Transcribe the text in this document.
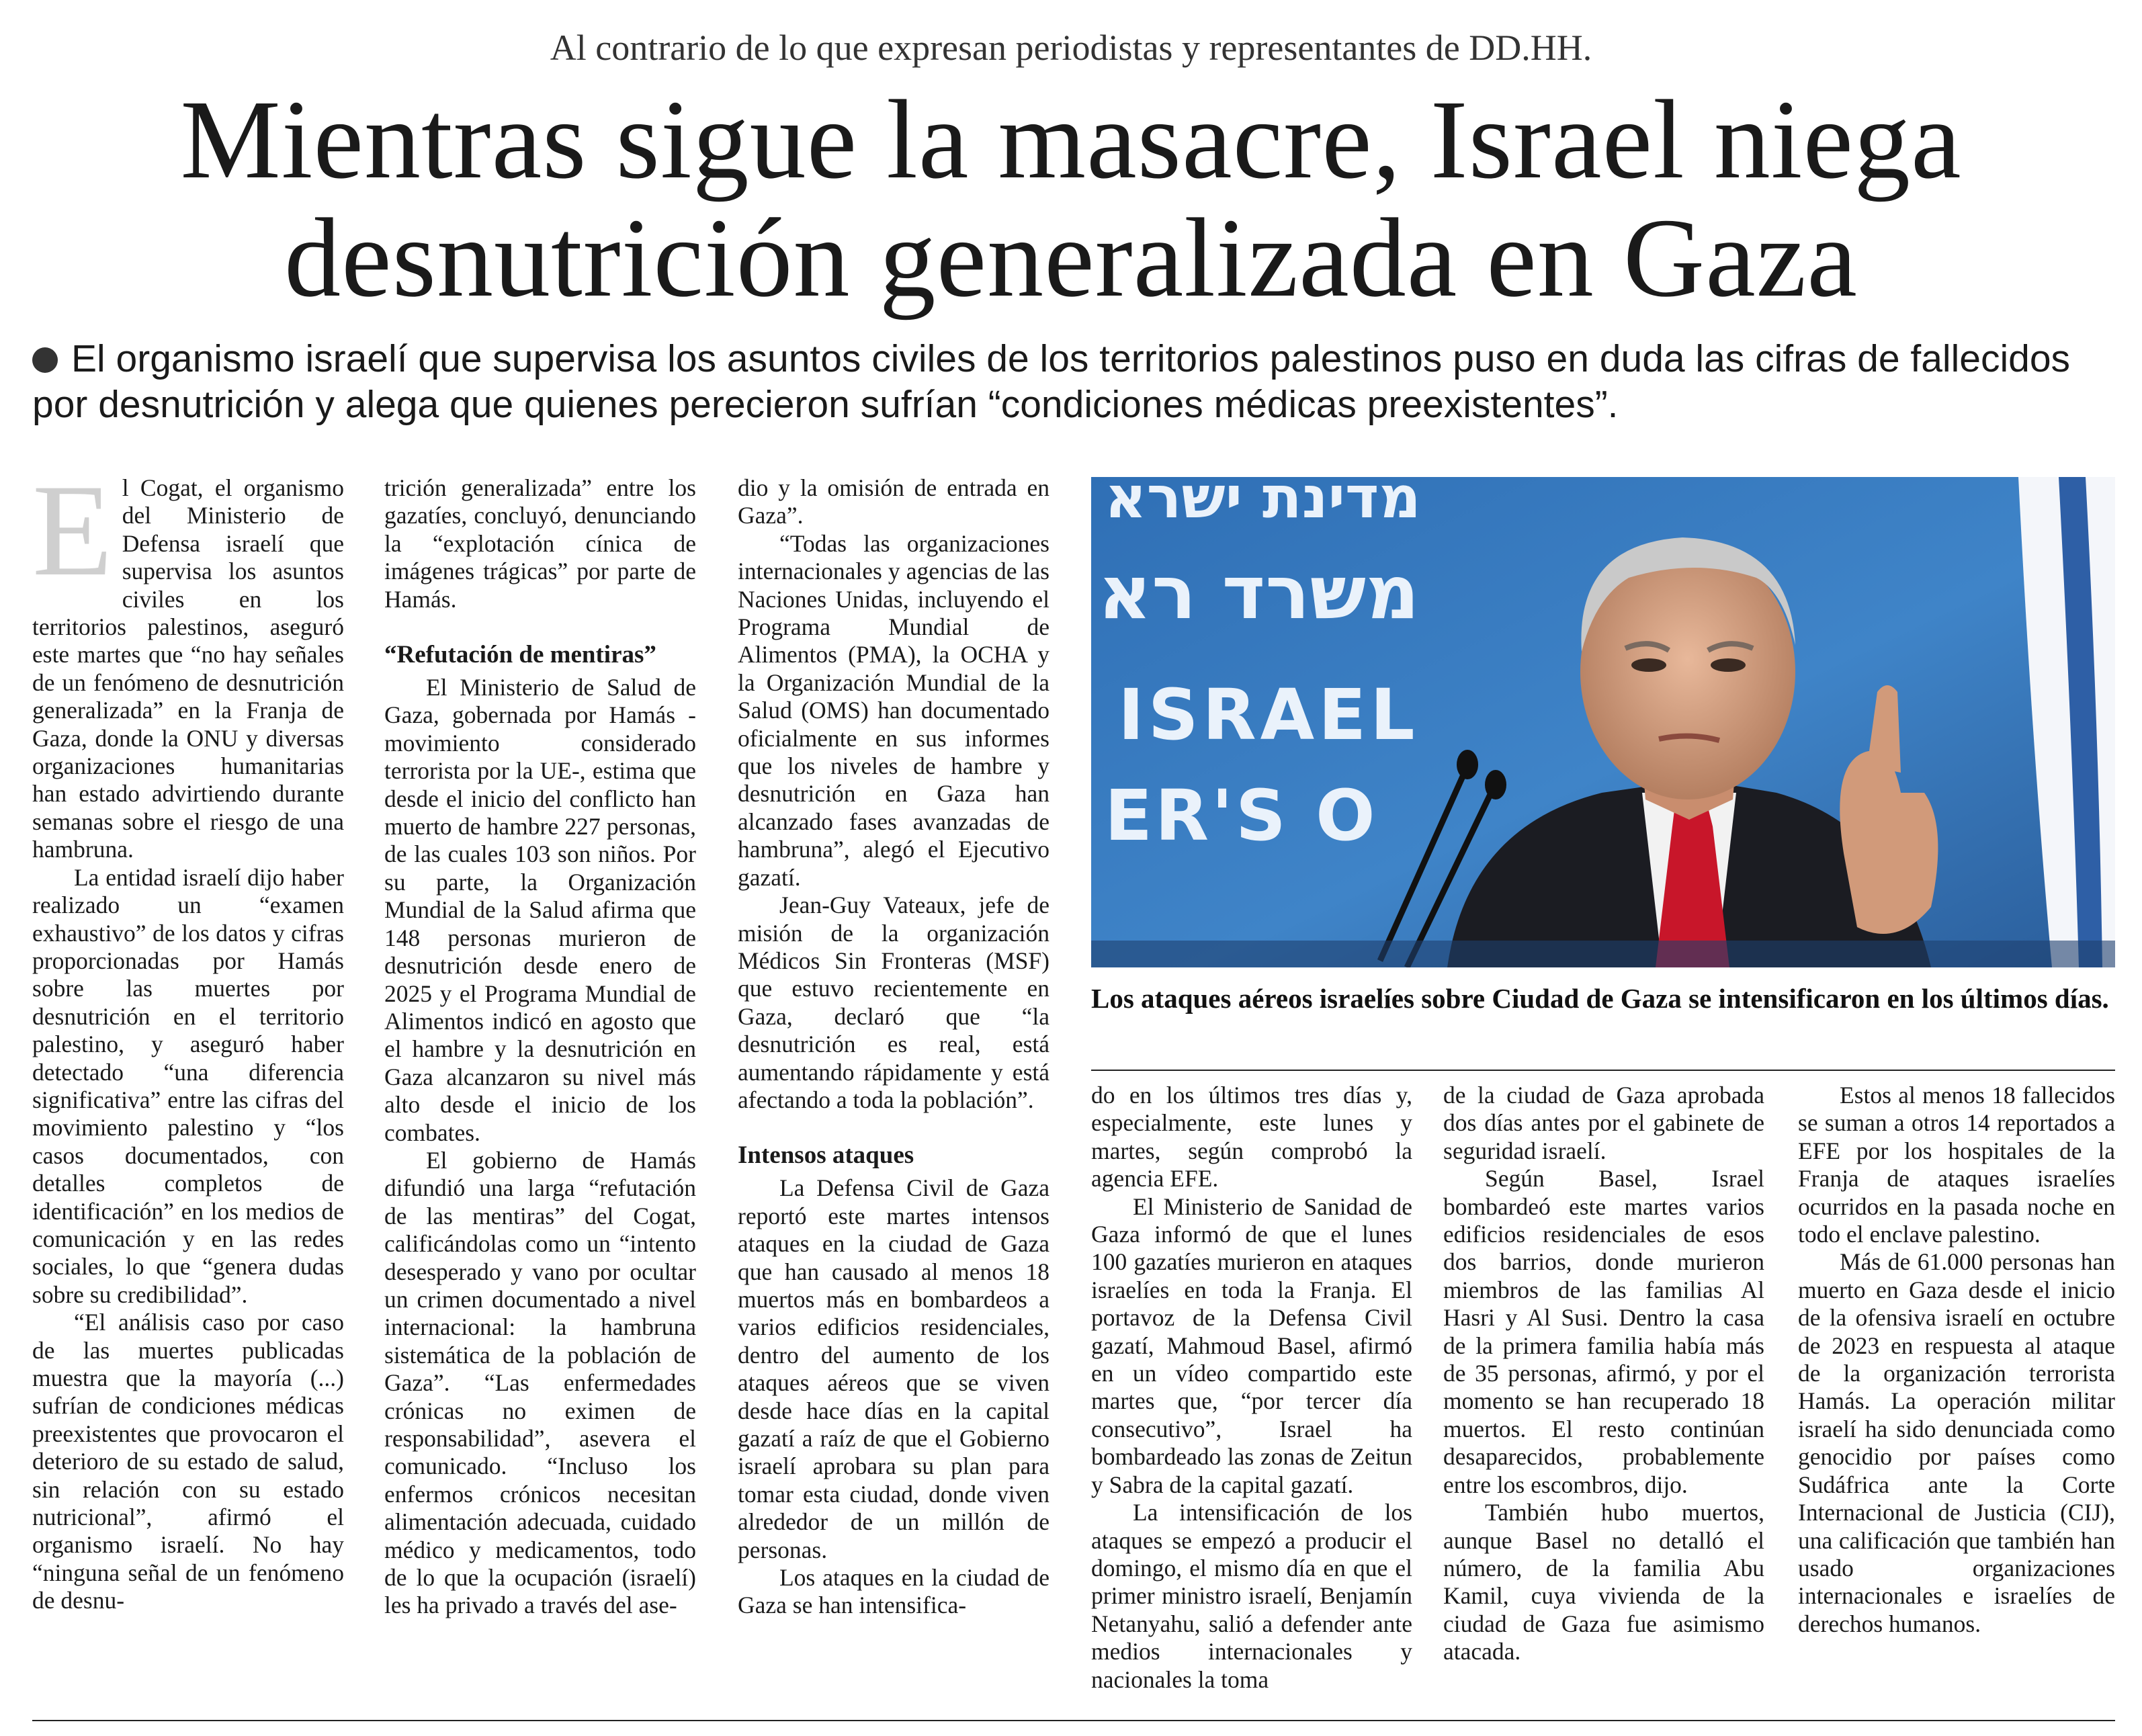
Al contrario de lo que expresan periodistas y representantes de DD.HH.
Mientras sigue la masacre, Israel niega
desnutrición generalizada en Gaza
El organismo israelí que supervisa los asuntos civiles de los territorios palestinos puso en duda las cifras de fallecidos por desnutrición y alega que quienes perecieron sufrían “condiciones médicas preexistentes”.

El Cogat, el organismo del Ministerio de Defensa israelí que supervisa los asuntos civiles en los territorios palestinos, aseguró este martes que “no hay señales de un fenómeno de desnutrición generalizada” en la Franja de Gaza, donde la ONU y diversas organizaciones humanitarias han estado advirtiendo durante semanas sobre el riesgo de una hambruna.

La entidad israelí dijo haber realizado un “examen exhaustivo” de los datos y cifras proporcionadas por Hamás sobre las muertes por desnutrición en el territorio palestino, y aseguró haber detectado “una diferencia significativa” entre las cifras del movimiento palestino y “los casos documentados, con detalles completos de identificación” en los medios de comunicación y en las redes sociales, lo que “genera dudas sobre su credibilidad”.

“El análisis caso por caso de las muertes publicadas muestra que la mayoría (...) sufrían de condiciones médicas preexistentes que provocaron el deterioro de su estado de salud, sin relación con su estado nutricional”, afirmó el organismo israelí. No hay “ninguna señal de un fenómeno de desnu-

trición generalizada” entre los gazatíes, concluyó, denunciando la “explotación cínica de imágenes trágicas” por parte de Hamás.

“Refutación de mentiras”

El Ministerio de Salud de Gaza, gobernada por Hamás -movimiento considerado terrorista por la UE-, estima que desde el inicio del conflicto han muerto de hambre 227 personas, de las cuales 103 son niños. Por su parte, la Organización Mundial de la Salud afirma que 148 personas murieron de desnutrición desde enero de 2025 y el Programa Mundial de Alimentos indicó en agosto que el hambre y la desnutrición en Gaza alcanzaron su nivel más alto desde el inicio de los combates.

El gobierno de Hamás difundió una larga “refutación de las mentiras” del Cogat, calificándolas como un “intento desesperado y vano por ocultar un crimen documentado a nivel internacional: la hambruna sistemática de la población de Gaza”. “Las enfermedades crónicas no eximen de responsabilidad”, asevera el comunicado. “Incluso los enfermos crónicos necesitan alimentación adecuada, cuidado médico y medicamentos, todo de lo que la ocupación (israelí) les ha privado a través del ase-

dio y la omisión de entrada en Gaza”.

“Todas las organizaciones internacionales y agencias de las Naciones Unidas, incluyendo el Programa Mundial de Alimentos (PMA), la OCHA y la Organización Mundial de la Salud (OMS) han documentado oficialmente en sus informes que los niveles de hambre y desnutrición en Gaza han alcanzado fases avanzadas de hambruna”, alegó el Ejecutivo gazatí.

Jean-Guy Vateaux, jefe de misión de la organización Médicos Sin Fronteras (MSF) que estuvo recientemente en Gaza, declaró que “la desnutrición es real, está aumentando rápidamente y está afectando a toda la población”.

Intensos ataques

La Defensa Civil de Gaza reportó este martes intensos ataques en la ciudad de Gaza que han causado al menos 18 muertos más en bombardeos a varios edificios residenciales, dentro del aumento de los ataques aéreos que se viven desde hace días en la capital gazatí a raíz de que el Gobierno israelí aprobara su plan para tomar esta ciudad, donde viven alrededor de un millón de personas.

Los ataques en la ciudad de Gaza se han intensifica-

מדינת ישרא
משרד רא
ISRAEL
ER'S O
Los ataques aéreos israelíes sobre Ciudad de Gaza se intensificaron en los últimos días.

do en los últimos tres días y, especialmente, este lunes y martes, según comprobó la agencia EFE.

El Ministerio de Sanidad de Gaza informó de que el lunes 100 gazatíes murieron en ataques israelíes en toda la Franja. El portavoz de la Defensa Civil gazatí, Mahmoud Basel, afirmó en un vídeo compartido este martes que, “por tercer día consecutivo”, Israel ha bombardeado las zonas de Zeitun y Sabra de la capital gazatí.

La intensificación de los ataques se empezó a producir el domingo, el mismo día en que el primer ministro israelí, Benjamín Netanyahu, salió a defender ante medios internacionales y nacionales la toma

de la ciudad de Gaza aprobada dos días antes por el gabinete de seguridad israelí.

Según Basel, Israel bombardeó este martes varios edificios residenciales de esos dos barrios, donde murieron miembros de las familias Al Hasri y Al Susi. Dentro la casa de la primera familia había más de 35 personas, afirmó, y por el momento se han recuperado 18 muertos. El resto continúan desaparecidos, probablemente entre los escombros, dijo.

También hubo muertos, aunque Basel no detalló el número, de la familia Abu Kamil, cuya vivienda de la ciudad de Gaza fue asimismo atacada.

Estos al menos 18 fallecidos se suman a otros 14 reportados a EFE por los hospitales de la Franja de ataques israelíes ocurridos en la pasada noche en todo el enclave palestino.

Más de 61.000 personas han muerto en Gaza desde el inicio de la ofensiva israelí en octubre de 2023 en respuesta al ataque de la organización terrorista Hamás. La operación militar israelí ha sido denunciada como genocidio por países como Sudáfrica ante la Corte Internacional de Justicia (CIJ), una calificación que también han usado organizaciones internacionales e israelíes de derechos humanos.
